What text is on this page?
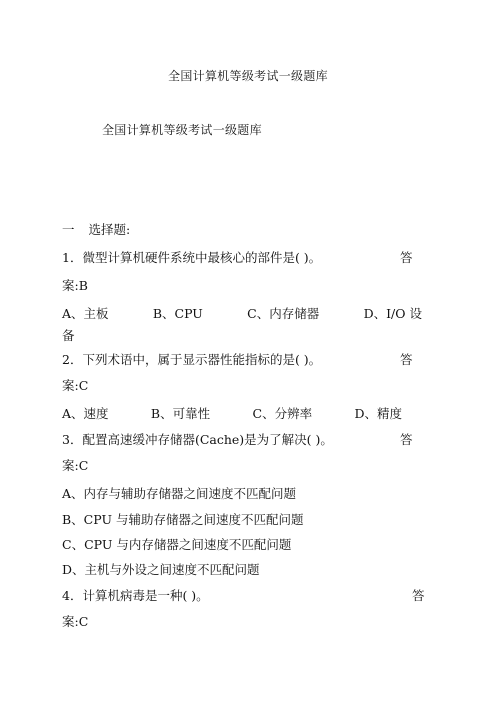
全国计算机等级考试一级题库
全国计算机等级考试一级题库
一 选择题:
1．微型计算机硬件系统中最核心的部件是( )。	答
案:B
A、主板	B、CPU	C、内存储器	D、I/O 设
备
2．下列术语中，属于显示器性能指标的是( )。	答
案:C
A、速度	B、可靠性	C、分辨率	D、精度
3．配置高速缓冲存储器(Cache)是为了解决( )。	答
案:C
A、内存与辅助存储器之间速度不匹配问题
B、CPU 与辅助存储器之间速度不匹配问题
C、CPU 与内存储器之间速度不匹配问题
D、主机与外设之间速度不匹配问题
4．计算机病毒是一种( )。	答
案:C
